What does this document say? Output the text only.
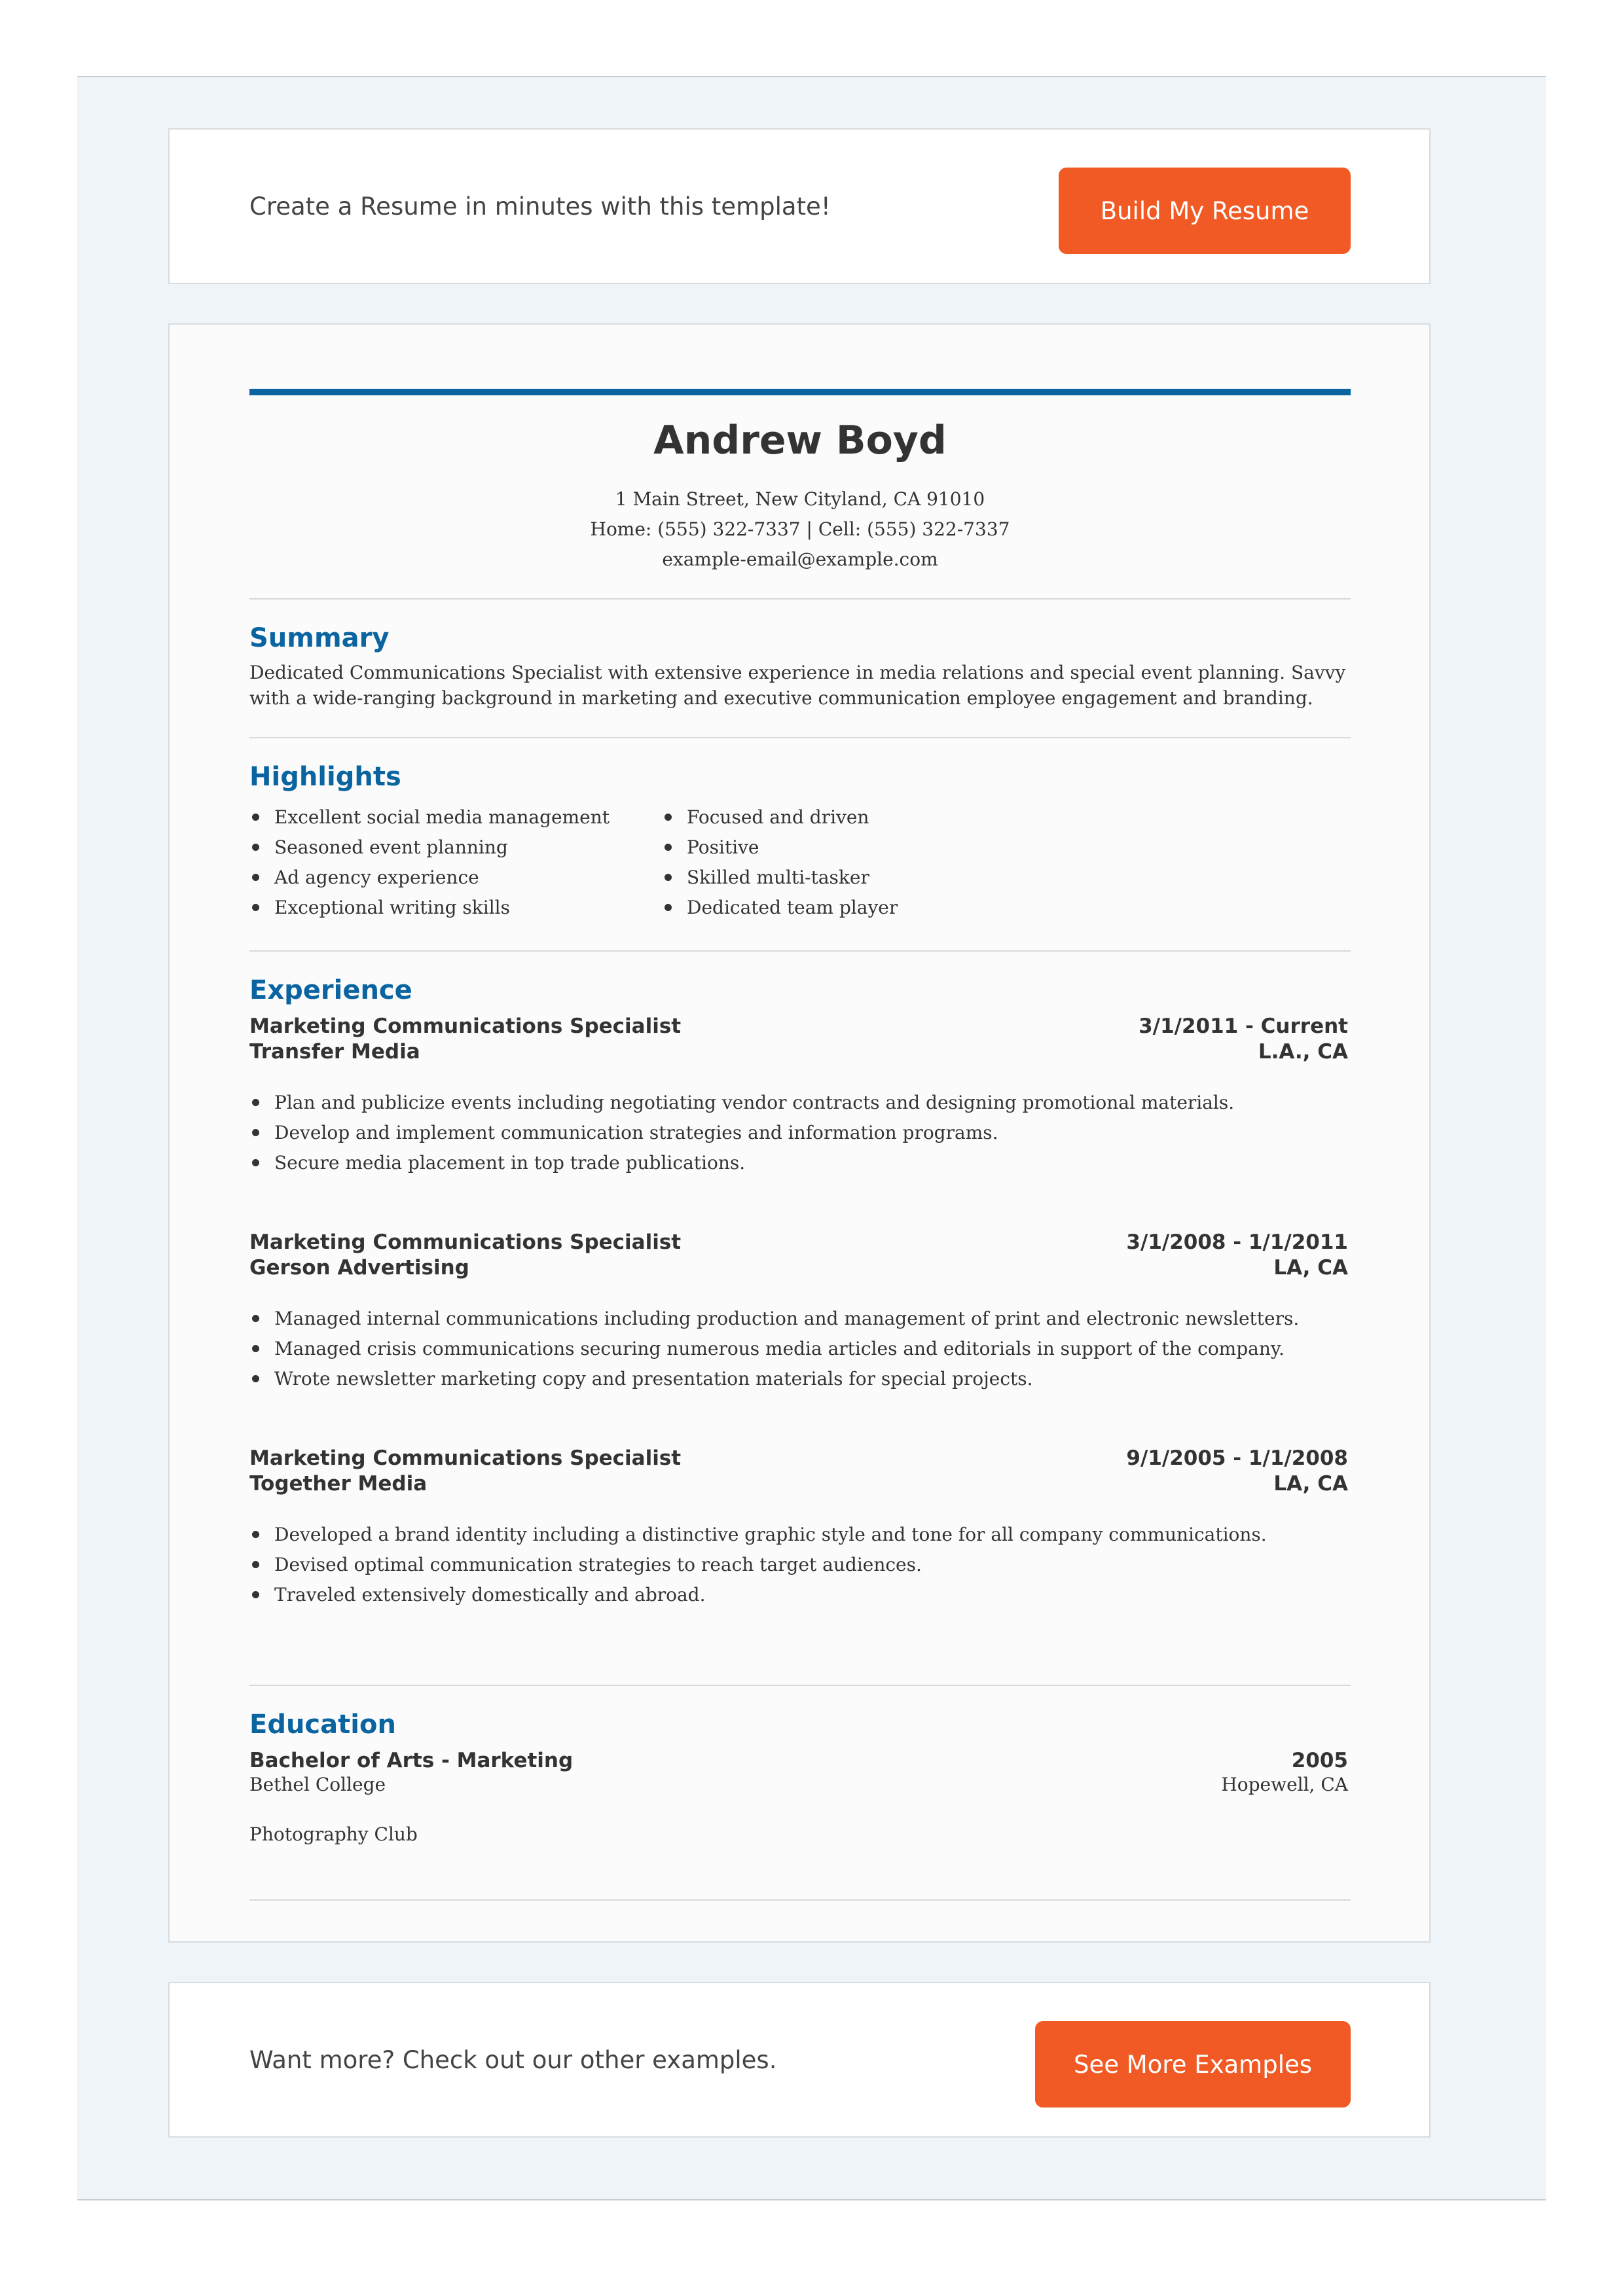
Create a Resume in minutes with this template!	Build My Resume
Andrew Boyd
1 Main Street, New Cityland, CA 91010
Home: (555) 322-7337 | Cell: (555) 322-7337
example-email@example.com
Summary
Dedicated Communications Specialist with extensive experience in media relations and special event planning. Savvy with a wide-ranging background in marketing and executive communication employee engagement and branding.
Highlights
Excellent social media management
Seasoned event planning
Ad agency experience
Exceptional writing skills
Focused and driven
Positive
Skilled multi-tasker
Dedicated team player
Experience
Marketing Communications Specialist
Transfer Media
3/1/2011 - Current
L.A., CA
Plan and publicize events including negotiating vendor contracts and designing promotional materials.
Develop and implement communication strategies and information programs.
Secure media placement in top trade publications.
Marketing Communications Specialist
Gerson Advertising
3/1/2008 - 1/1/2011
LA, CA
Managed internal communications including production and management of print and electronic newsletters.
Managed crisis communications securing numerous media articles and editorials in support of the company.
Wrote newsletter marketing copy and presentation materials for special projects.
Marketing Communications Specialist
Together Media
9/1/2005 - 1/1/2008
LA, CA
Developed a brand identity including a distinctive graphic style and tone for all company communications.
Devised optimal communication strategies to reach target audiences.
Traveled extensively domestically and abroad.
Education
Bachelor of Arts - Marketing
Bethel College
2005
Hopewell, CA
Photography Club
Want more? Check out our other examples.	See More Examples
